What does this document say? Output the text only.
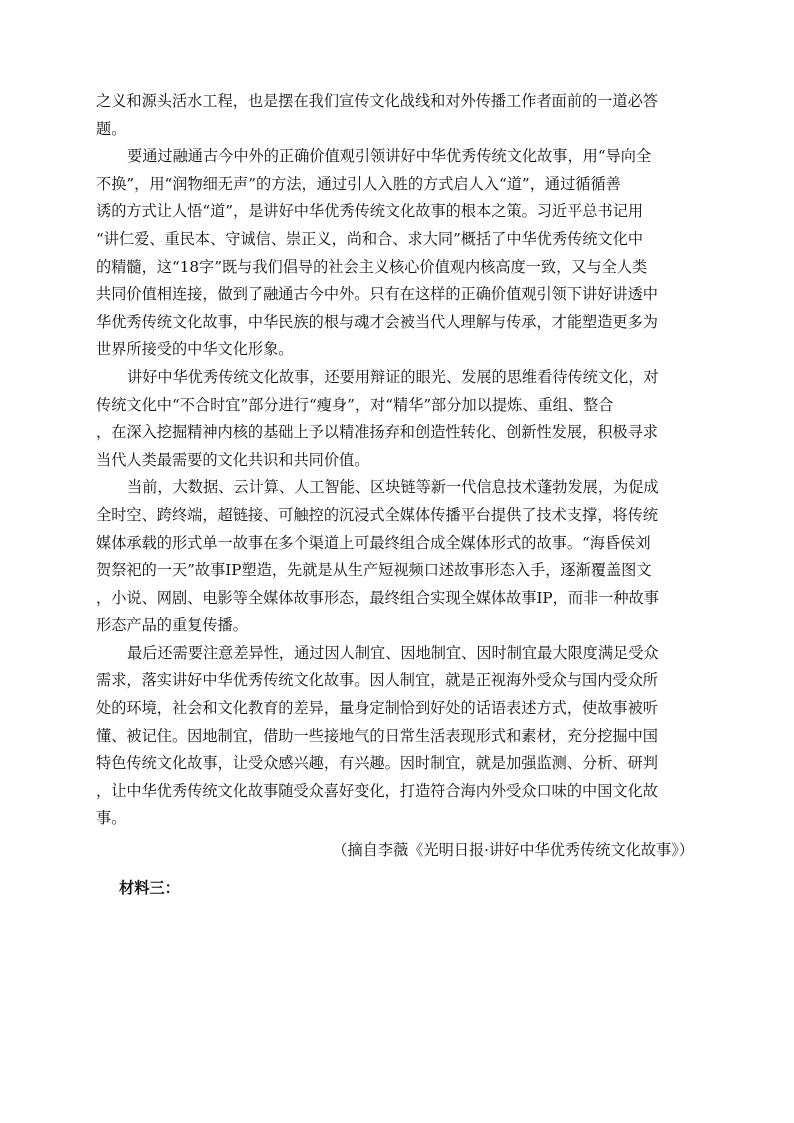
之义和源头活水工程，也是摆在我们宣传文化战线和对外传播工作者面前的一道必答
题。
要通过融通古今中外的正确价值观引领讲好中华优秀传统文化故事，用“导向全
不换”，用“润物细无声”的方法，通过引人入胜的方式启人入“道”，通过循循善
诱的方式让人悟“道”，是讲好中华优秀传统文化故事的根本之策。习近平总书记用
“讲仁爱、重民本、守诚信、崇正义，尚和合、求大同”概括了中华优秀传统文化中
的精髓，这“18字”既与我们倡导的社会主义核心价值观内核高度一致，又与全人类
共同价值相连接，做到了融通古今中外。只有在这样的正确价值观引领下讲好讲透中
华优秀传统文化故事，中华民族的根与魂才会被当代人理解与传承，才能塑造更多为
世界所接受的中华文化形象。
讲好中华优秀传统文化故事，还要用辩证的眼光、发展的思维看待传统文化，对
传统文化中“不合时宜”部分进行“瘦身”，对“精华”部分加以提炼、重组、整合
，在深入挖掘精神内核的基础上予以精准扬弃和创造性转化、创新性发展，积极寻求
当代人类最需要的文化共识和共同价值。
当前，大数据、云计算、人工智能、区块链等新一代信息技术蓬勃发展，为促成
全时空、跨终端，超链接、可触控的沉浸式全媒体传播平台提供了技术支撑，将传统
媒体承载的形式单一故事在多个渠道上可最终组合成全媒体形式的故事。“海昏侯刘
贺祭祀的一天”故事IP塑造，先就是从生产短视频口述故事形态入手，逐渐覆盖图文
，小说、网剧、电影等全媒体故事形态，最终组合实现全媒体故事IP，而非一种故事
形态产品的重复传播。
最后还需要注意差异性，通过因人制宜、因地制宜、因时制宜最大限度满足受众
需求，落实讲好中华优秀传统文化故事。因人制宜，就是正视海外受众与国内受众所
处的环境，社会和文化教育的差异，量身定制恰到好处的话语表述方式，使故事被听
懂、被记住。因地制宜，借助一些接地气的日常生活表现形式和素材，充分挖掘中国
特色传统文化故事，让受众感兴趣，有兴趣。因时制宜，就是加强监测、分析、研判
，让中华优秀传统文化故事随受众喜好变化，打造符合海内外受众口味的中国文化故
事。
（摘自李薇《光明日报·讲好中华优秀传统文化故事》）
材料三：
